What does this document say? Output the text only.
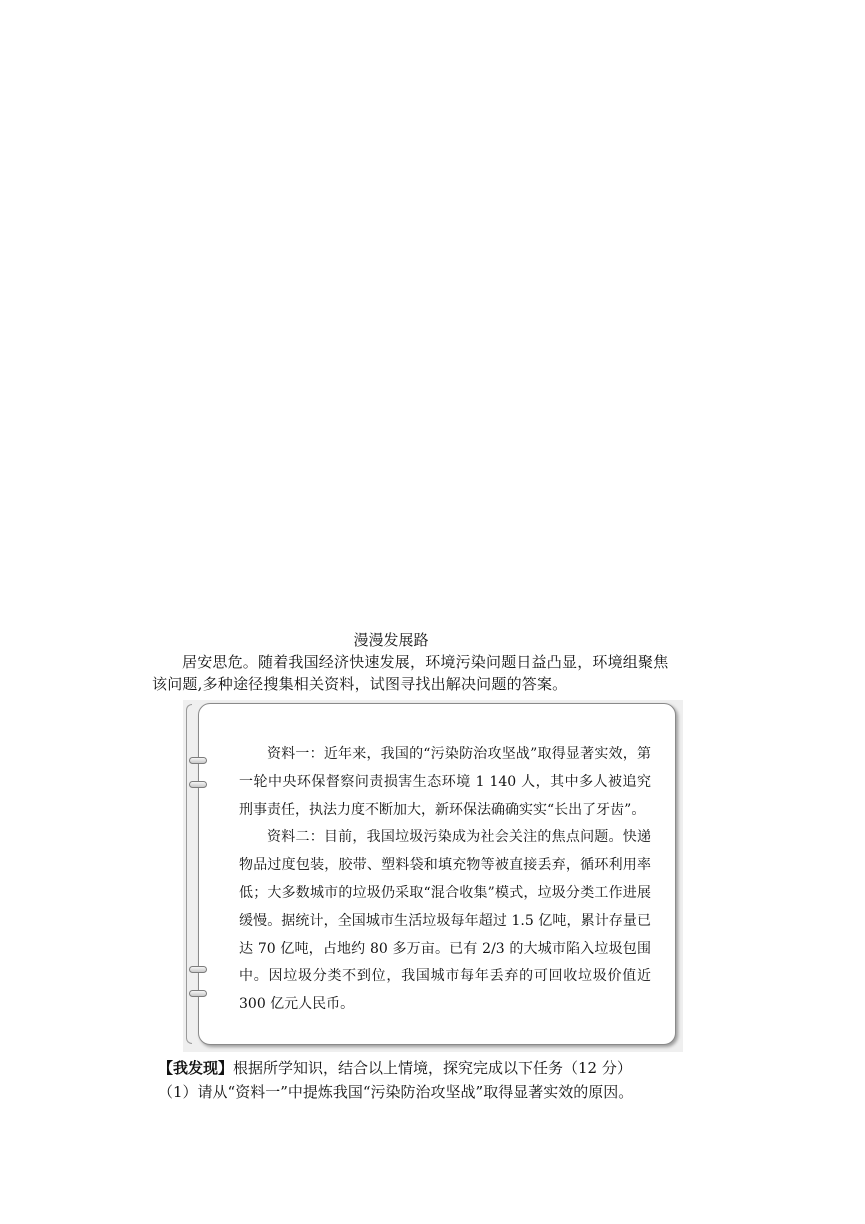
漫漫发展路
居安思危。随着我国经济快速发展，环境污染问题日益凸显，环境组聚焦该问题,多种途径搜集相关资料，试图寻找出解决问题的答案。

资料一：近年来，我国的“污染防治攻坚战”取得显著实效，第一轮中央环保督察问责损害生态环境 1 140 人，其中多人被追究刑事责任，执法力度不断加大，新环保法确确实实“长出了牙齿”。

资料二：目前，我国垃圾污染成为社会关注的焦点问题。快递物品过度包装，胶带、塑料袋和填充物等被直接丢弃，循环利用率低；大多数城市的垃圾仍采取“混合收集”模式，垃圾分类工作进展缓慢。据统计，全国城市生活垃圾每年超过 1.5 亿吨，累计存量已达 70 亿吨，占地约 80 多万亩。已有 2/3 的大城市陷入垃圾包围中。因垃圾分类不到位，我国城市每年丢弃的可回收垃圾价值近 300 亿元人民币。

【我发现】根据所学知识，结合以上情境，探究完成以下任务（12 分）
（1）请从“资料一”中提炼我国“污染防治攻坚战”取得显著实效的原因。
